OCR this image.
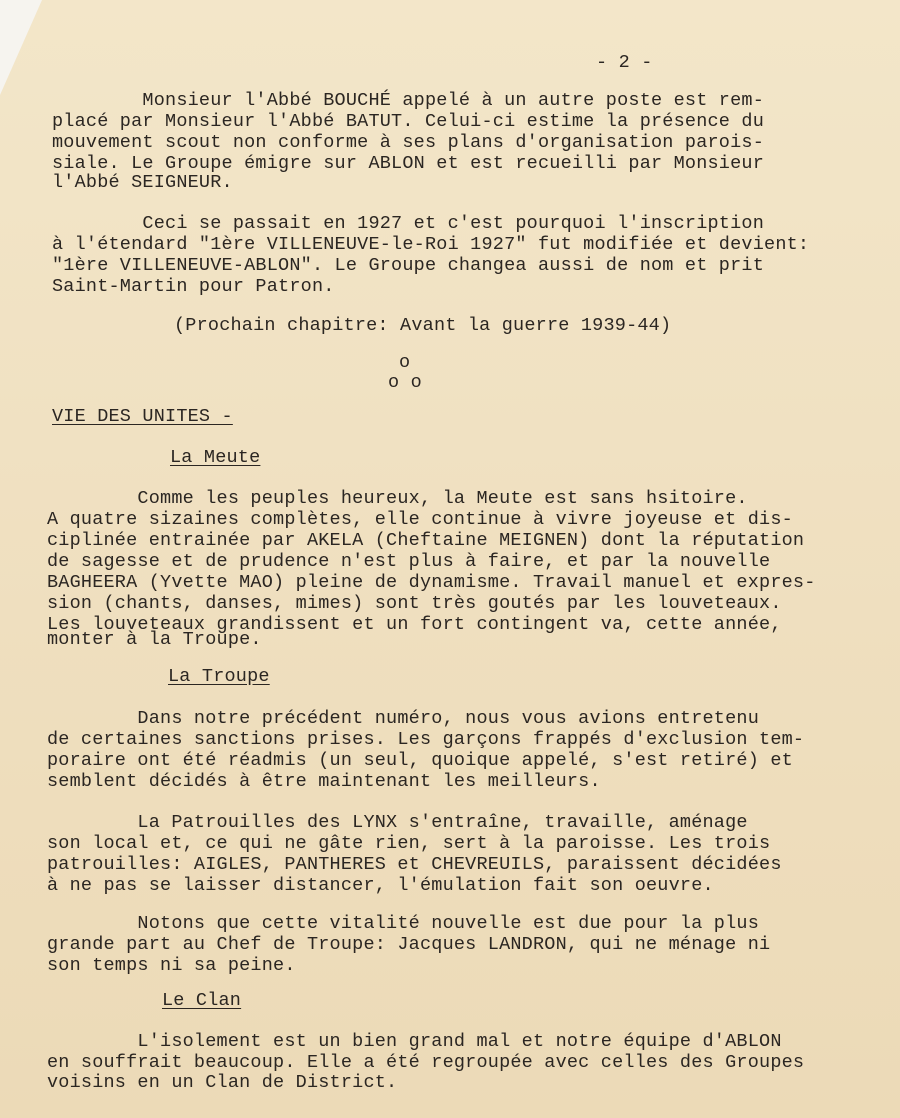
- 2 -
Monsieur l'Abbé BOUCHÉ appelé à un autre poste est rem-
placé par Monsieur l'Abbé BATUT. Celui-ci estime la présence du
mouvement scout non conforme à ses plans d'organisation parois-
siale. Le Groupe émigre sur ABLON et est recueilli par Monsieur
l'Abbé SEIGNEUR.
Ceci se passait en 1927 et c'est pourquoi l'inscription
à l'étendard "1ère VILLENEUVE-le-Roi 1927" fut modifiée et devient:
"1ère VILLENEUVE-ABLON". Le Groupe changea aussi de nom et prit
Saint-Martin pour Patron.
(Prochain chapitre: Avant la guerre 1939-44)
o
o o
VIE DES UNITES -
La Meute
Comme les peuples heureux, la Meute est sans hsitoire.
A quatre sizaines complètes, elle continue à vivre joyeuse et dis-
ciplinée entrainée par AKELA (Cheftaine MEIGNEN) dont la réputation
de sagesse et de prudence n'est plus à faire, et par la nouvelle
BAGHEERA (Yvette MAO) pleine de dynamisme. Travail manuel et expres-
sion (chants, danses, mimes) sont très goutés par les louveteaux.
Les louveteaux grandissent et un fort contingent va, cette année,
monter à la Troupe.
La Troupe
Dans notre précédent numéro, nous vous avions entretenu
de certaines sanctions prises. Les garçons frappés d'exclusion tem-
poraire ont été réadmis (un seul, quoique appelé, s'est retiré) et
semblent décidés à être maintenant les meilleurs.
La Patrouilles des LYNX s'entraîne, travaille, aménage
son local et, ce qui ne gâte rien, sert à la paroisse. Les trois
patrouilles: AIGLES, PANTHERES et CHEVREUILS, paraissent décidées
à ne pas se laisser distancer, l'émulation fait son oeuvre.
Notons que cette vitalité nouvelle est due pour la plus
grande part au Chef de Troupe: Jacques LANDRON, qui ne ménage ni
son temps ni sa peine.
Le Clan
L'isolement est un bien grand mal et notre équipe d'ABLON
en souffrait beaucoup. Elle a été regroupée avec celles des Groupes
voisins en un Clan de District.
